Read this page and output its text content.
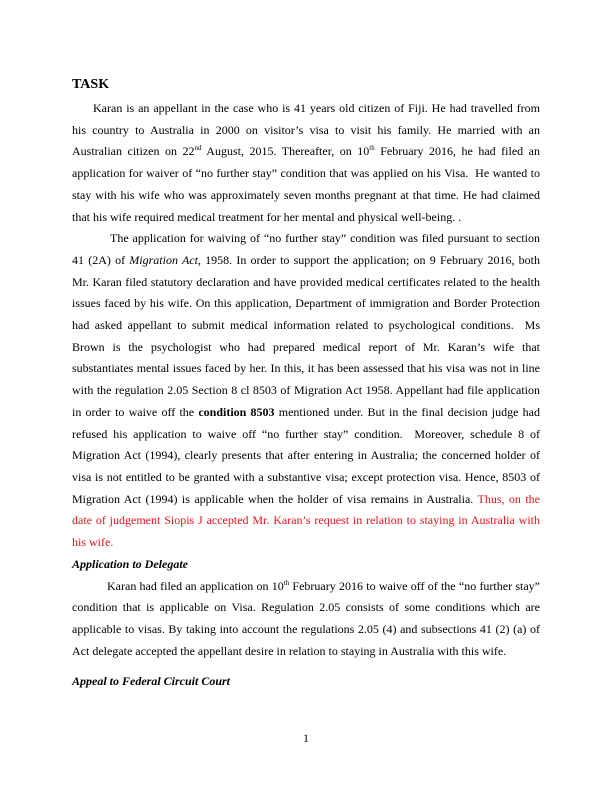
TASK

Karan is an appellant in the case who is 41 years old citizen of Fiji. He had travelled from his country to Australia in 2000 on visitor’s visa to visit his family. He married with an Australian citizen on 22nd August, 2015. Thereafter, on 10th February 2016, he had filed an application for waiver of “no further stay” condition that was applied on his Visa.  He wanted to stay with his wife who was approximately seven months pregnant at that time. He had claimed that his wife required medical treatment for her mental and physical well-being. .

The application for waiving of “no further stay” condition was filed pursuant to section 41 (2A) of Migration Act, 1958. In order to support the application; on 9 February 2016, both Mr. Karan filed statutory declaration and have provided medical certificates related to the health issues faced by his wife. On this application, Department of immigration and Border Protection had asked appellant to submit medical information related to psychological conditions.  Ms Brown is the psychologist who had prepared medical report of Mr. Karan’s wife that substantiates mental issues faced by her. In this, it has been assessed that his visa was not in line with the regulation 2.05 Section 8 cl 8503 of Migration Act 1958. Appellant had file application in order to waive off the condition 8503 mentioned under. But in the final decision judge had refused his application to waive off “no further stay” condition.  Moreover, schedule 8 of Migration Act (1994), clearly presents that after entering in Australia; the concerned holder of visa is not entitled to be granted with a substantive visa; except protection visa. Hence, 8503 of Migration Act (1994) is applicable when the holder of visa remains in Australia. Thus, on the date of judgement Siopis J accepted Mr. Karan’s request in relation to staying in Australia with his wife.

Application to Delegate

Karan had filed an application on 10th February 2016 to waive off of the “no further stay” condition that is applicable on Visa. Regulation 2.05 consists of some conditions which are applicable to visas. By taking into account the regulations 2.05 (4) and subsections 41 (2) (a) of Act delegate accepted the appellant desire in relation to staying in Australia with this wife.

Appeal to Federal Circuit Court
1
